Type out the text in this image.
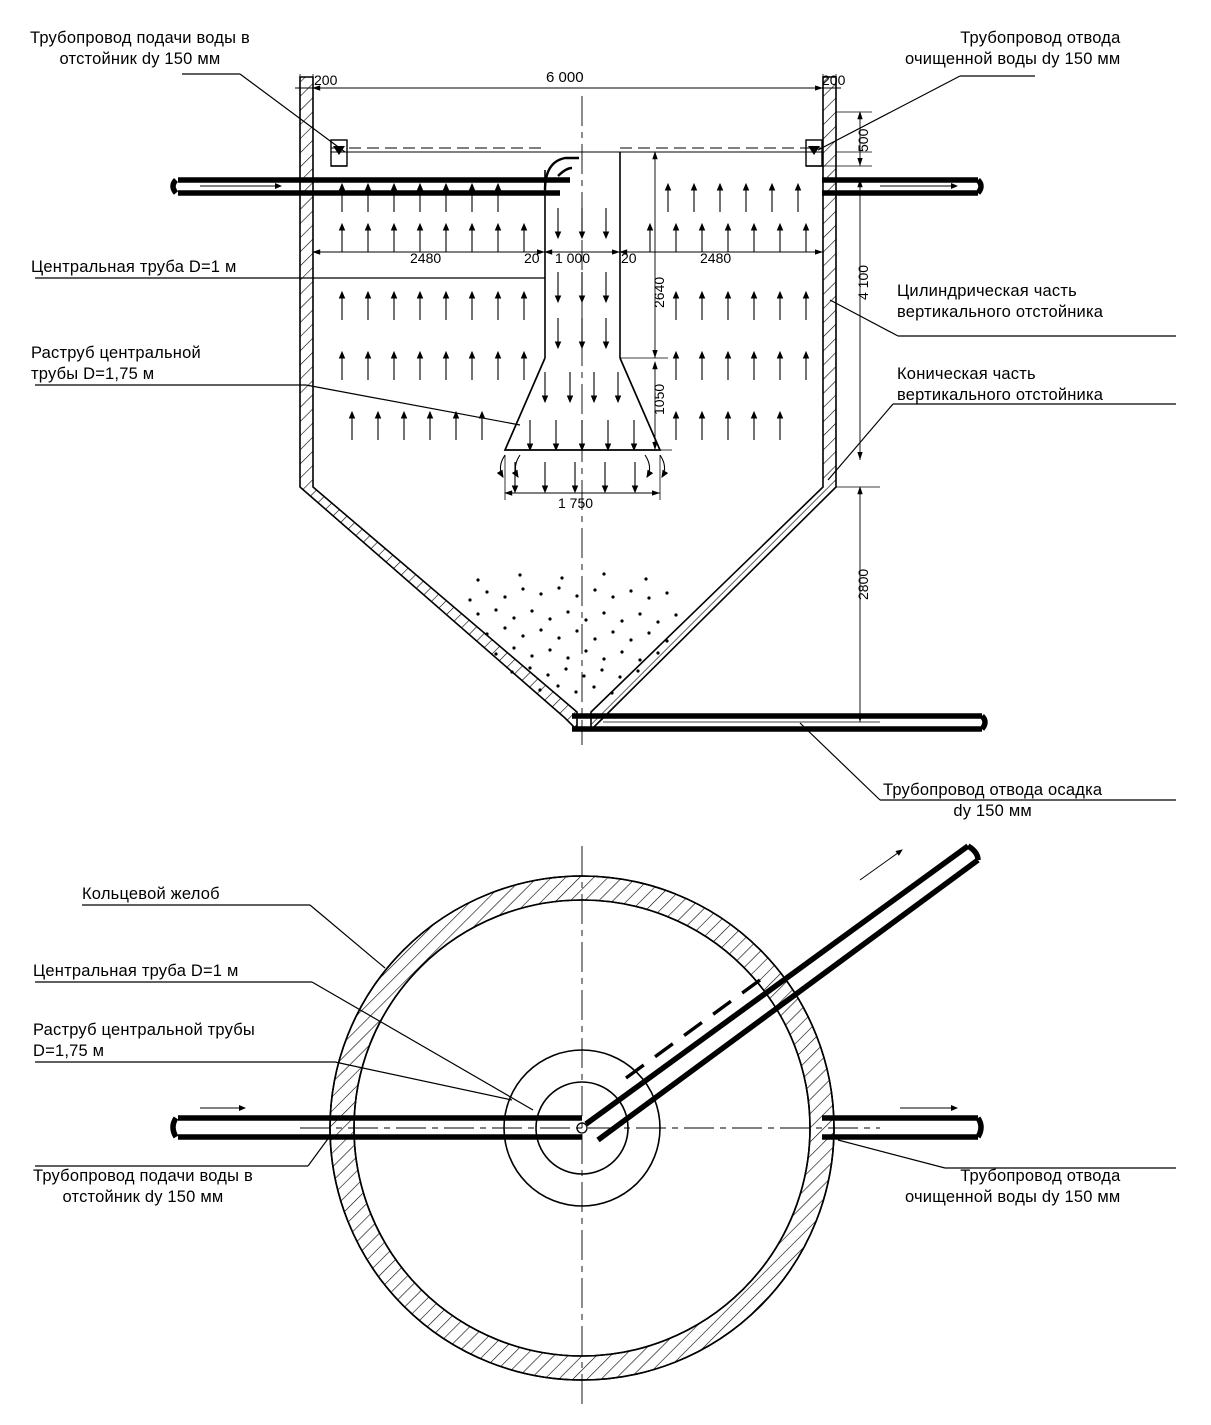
Трубопровод подачи воды в
отстойник dy 150 мм
Трубопровод отвода
очищенной воды dy 150 мм
Центральная труба D=1 м
Раструб центральной
трубы D=1,75 м
Цилиндрическая часть
вертикального отстойника
Коническая часть
вертикального отстойника
Трубопровод отвода осадка
dy 150 мм
Кольцевой желоб
Центральная труба D=1 м
Раструб центральной трубы
D=1,75 м
Трубопровод подачи воды в
отстойник dy 150 мм
Трубопровод отвода
очищенной воды dy 150 мм
200	200
6 000
500
4 100
2800
2480	20 1 000 20	2480
2640
1050
1 750
